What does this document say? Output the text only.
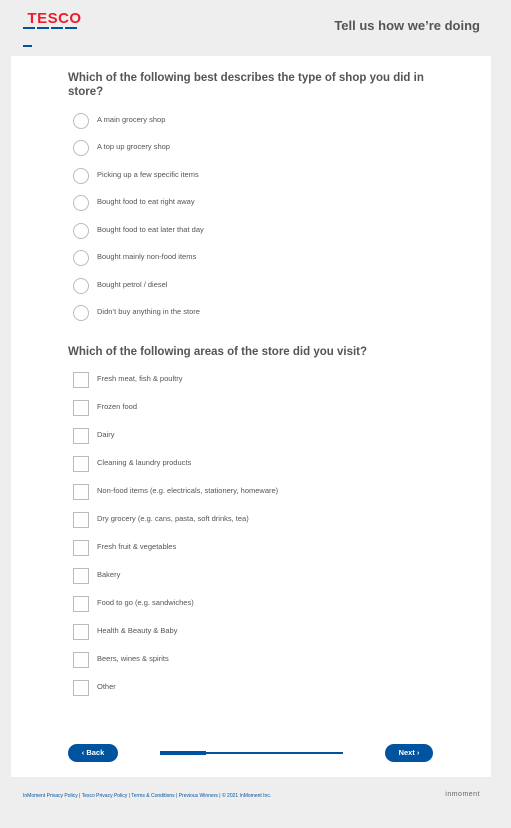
TESCO	Tell us how we’re doing
Which of the following best describes the type of shop you did in store?
A main grocery shop
A top up grocery shop
Picking up a few specific items
Bought food to eat right away
Bought food to eat later that day
Bought mainly non-food items
Bought petrol / diesel
Didn’t buy anything in the store
Which of the following areas of the store did you visit?
Fresh meat, fish & poultry
Frozen food
Dairy
Cleaning & laundry products
Non-food items (e.g. electricals, stationery, homeware)
Dry grocery (e.g. cans, pasta, soft drinks, tea)
Fresh fruit & vegetables
Bakery
Food to go (e.g. sandwiches)
Health & Beauty & Baby
Beers, wines & spirits
Other
‹ Back	Next ›
InMoment Privacy Policy | Tesco Privacy Policy | Terms & Conditions | Previous Winners | © 2021 InMoment Inc.	inmoment
